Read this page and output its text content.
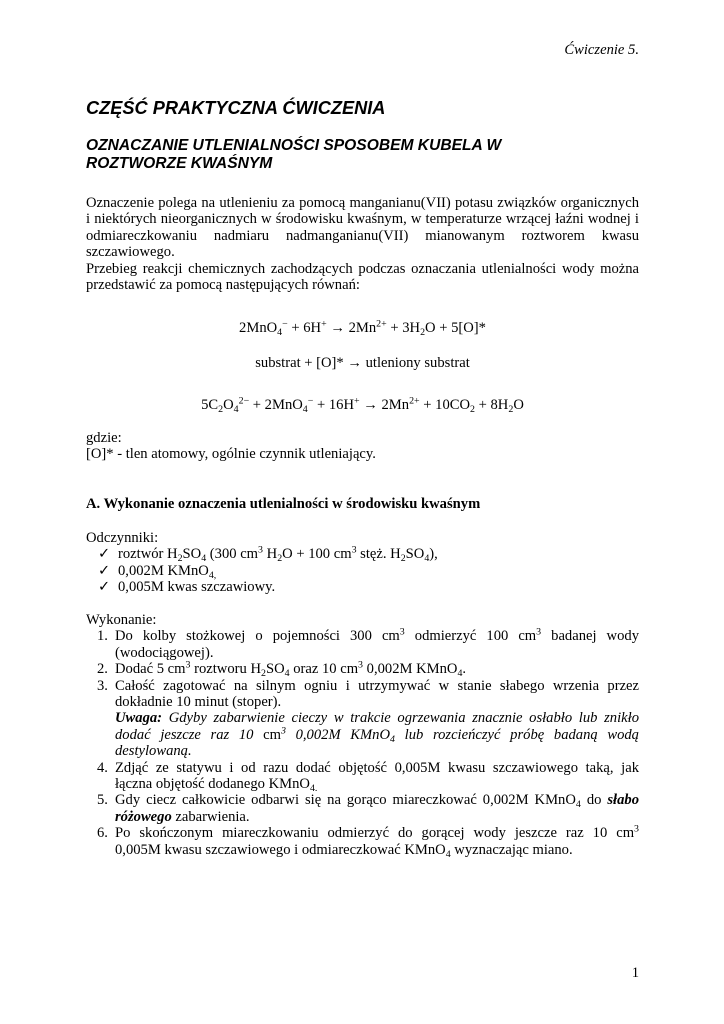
Ćwiczenie 5.
CZĘŚĆ PRAKTYCZNA ĆWICZENIA
OZNACZANIE UTLENIALNOŚCI SPOSOBEM KUBELA W
ROZTWORZE KWAŚNYM
Oznaczenie polega na utlenieniu za pomocą manganianu(VII) potasu związków organicznych
i niektórych nieorganicznych w środowisku kwaśnym, w temperaturze wrzącej łaźni wodnej i
odmiareczkowaniu nadmiaru nadmanganianu(VII) mianowanym roztworem kwasu
szczawiowego.
Przebieg reakcji chemicznych zachodzących podczas oznaczania utlenialności wody można
przedstawić za pomocą następujących równań:
$2MnO_4^- + 6H^+ \to 2Mn^{2+} + 3H_2O + 5[O]*$
substrat + [O]* → utleniony substrat
$5C_2O_4^{2-} + 2MnO_4^- + 16H^+ \to 2Mn^{2+} + 10CO_2 + 8H_2O$
gdzie:
[O]* - tlen atomowy, ogólnie czynnik utleniający.
A. Wykonanie oznaczenia utlenialności w środowisku kwaśnym
Odczynniki:
✓ roztwór $H_2SO_4$ (300 $cm^3$ $H_2O + 100$ $cm^3$ stęż. $H_2SO_4$),
✓ 0,002M KMnO$_{4,}$
✓ 0,005M kwas szczawiowy.
Wykonanie:
1. Do kolby stożkowej o pojemności 300 $cm^3$ odmierzyć 100 $cm^3$ badanej wody
(wodociągowej).
2. Dodać 5 $cm^3$ roztworu $H_2SO_4$ oraz 10 $cm^3$ 0,002M KMnO$_4$.
3. Całość zagotować na silnym ogniu i utrzymywać w stanie słabego wrzenia przez
dokładnie 10 minut (stoper).
Uwaga: Gdyby zabarwienie cieczy w trakcie ogrzewania znacznie osłabło lub znikło
dodać jeszcze raz 10 $cm^3$ 0,002M KMnO$_4$ lub rozcieńczyć próbę badaną wodą
destylowaną.
4. Zdjąć ze statywu i od razu dodać objętość 0,005M kwasu szczawiowego taką, jak
łączna objętość dodanego KMnO$_{4.}$
5. Gdy ciecz całkowicie odbarwi się na gorąco miareczkować 0,002M KMnO$_4$ do słabo
różowego zabarwienia.
6. Po skończonym miareczkowaniu odmierzyć do gorącej wody jeszcze raz 10 $cm^3$
0,005M kwasu szczawiowego i odmiareczkować KMnO$_4$ wyznaczając miano.
1
